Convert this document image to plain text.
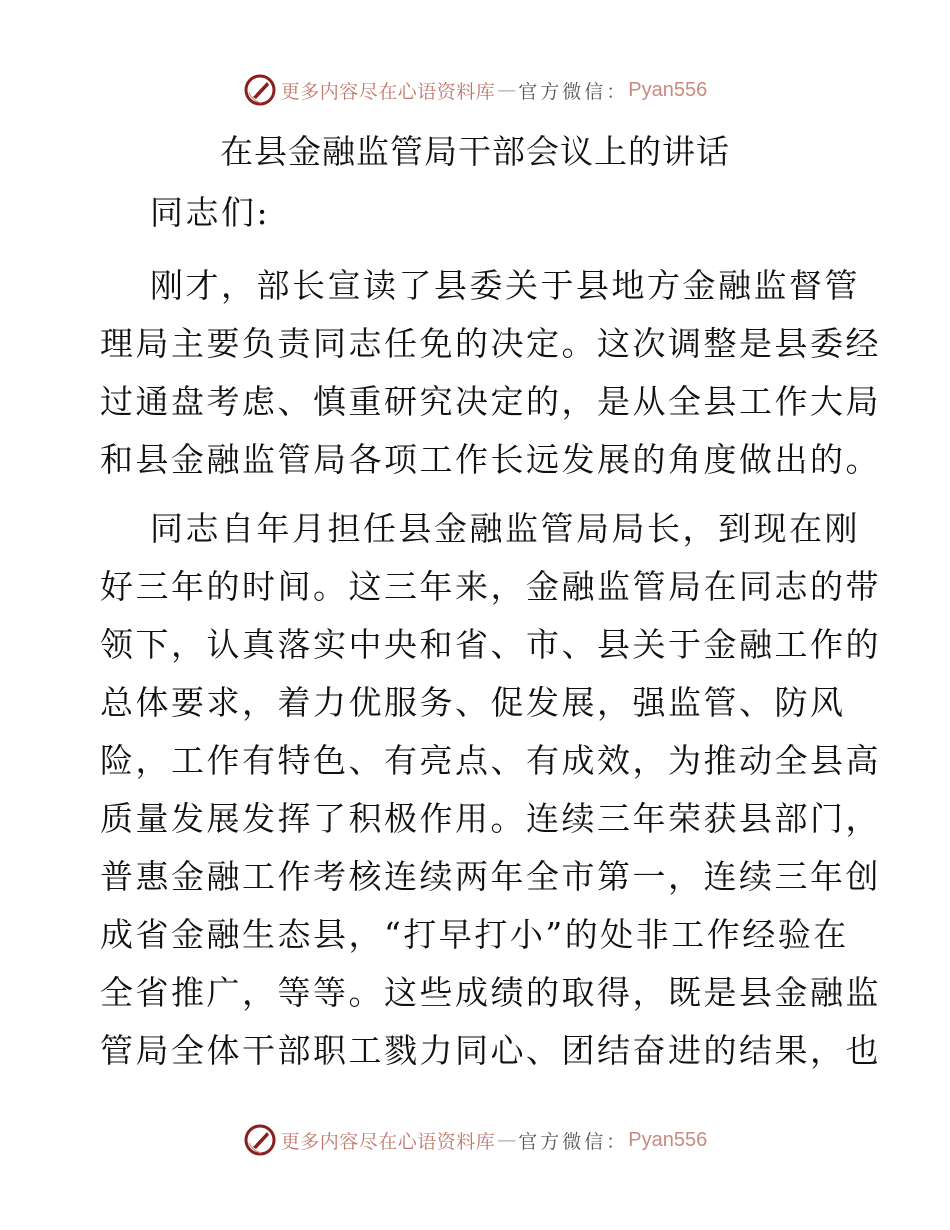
更多内容尽在心语资料库 — 官方微信： Pyan556
在县金融监管局干部会议上的讲话
同志们:
刚才，部长宣读了县委关于县地方金融监督管
理局主要负责同志任免的决定。这次调整是县委经
过通盘考虑、慎重研究决定的，是从全县工作大局
和县金融监管局各项工作长远发展的角度做出的。
同志自年月担任县金融监管局局长，到现在刚
好三年的时间。这三年来，金融监管局在同志的带
领下，认真落实中央和省、市、县关于金融工作的
总体要求，着力优服务、促发展，强监管、防风
险，工作有特色、有亮点、有成效，为推动全县高
质量发展发挥了积极作用。连续三年荣获县部门，
普惠金融工作考核连续两年全市第一，连续三年创
成省金融生态县，“打早打小”的处非工作经验在
全省推广，等等。这些成绩的取得，既是县金融监
管局全体干部职工戮力同心、团结奋进的结果，也
更多内容尽在心语资料库 — 官方微信： Pyan556
